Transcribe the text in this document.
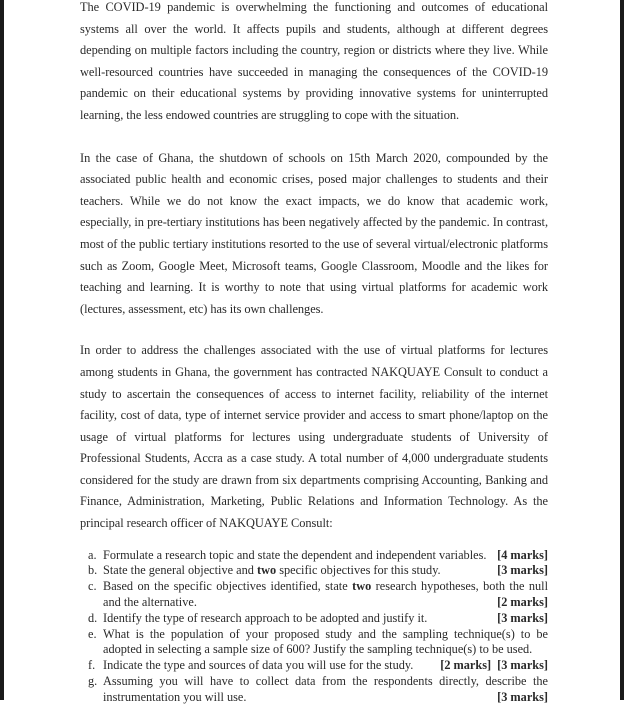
The COVID-19 pandemic is overwhelming the functioning and outcomes of educational systems all over the world. It affects pupils and students, although at different degrees depending on multiple factors including the country, region or districts where they live. While well-resourced countries have succeeded in managing the consequences of the COVID-19 pandemic on their educational systems by providing innovative systems for uninterrupted learning, the less endowed countries are struggling to cope with the situation.

In the case of Ghana, the shutdown of schools on 15th March 2020, compounded by the associated public health and economic crises, posed major challenges to students and their teachers. While we do not know the exact impacts, we do know that academic work, especially, in pre-tertiary institutions has been negatively affected by the pandemic. In contrast, most of the public tertiary institutions resorted to the use of several virtual/electronic platforms such as Zoom, Google Meet, Microsoft teams, Google Classroom, Moodle and the likes for teaching and learning. It is worthy to note that using virtual platforms for academic work (lectures, assessment, etc) has its own challenges.

In order to address the challenges associated with the use of virtual platforms for lectures among students in Ghana, the government has contracted NAKQUAYE Consult to conduct a study to ascertain the consequences of access to internet facility, reliability of the internet facility, cost of data, type of internet service provider and access to smart phone/laptop on the usage of virtual platforms for lectures using undergraduate students of University of Professional Students, Accra as a case study. A total number of 4,000 undergraduate students considered for the study are drawn from six departments comprising Accounting, Banking and Finance, Administration, Marketing, Public Relations and Information Technology. As the principal research officer of NAKQUAYE Consult:

a. Formulate a research topic and state the dependent and independent variables. [4 marks]
b. State the general objective and two specific objectives for this study.	[3 marks]
c. Based on the specific objectives identified, state two research hypotheses, both the null and the alternative.	[2 marks]
d. Identify the type of research approach to be adopted and justify it.	[3 marks]
e. What is the population of your proposed study and the sampling technique(s) to be adopted in selecting a sample size of 600? Justify the sampling technique(s) to be used.
[3 marks]
f. Indicate the type and sources of data you will use for the study. [2 marks]
g. Assuming you will have to collect data from the respondents directly, describe the instrumentation you will use.	[3 marks]
